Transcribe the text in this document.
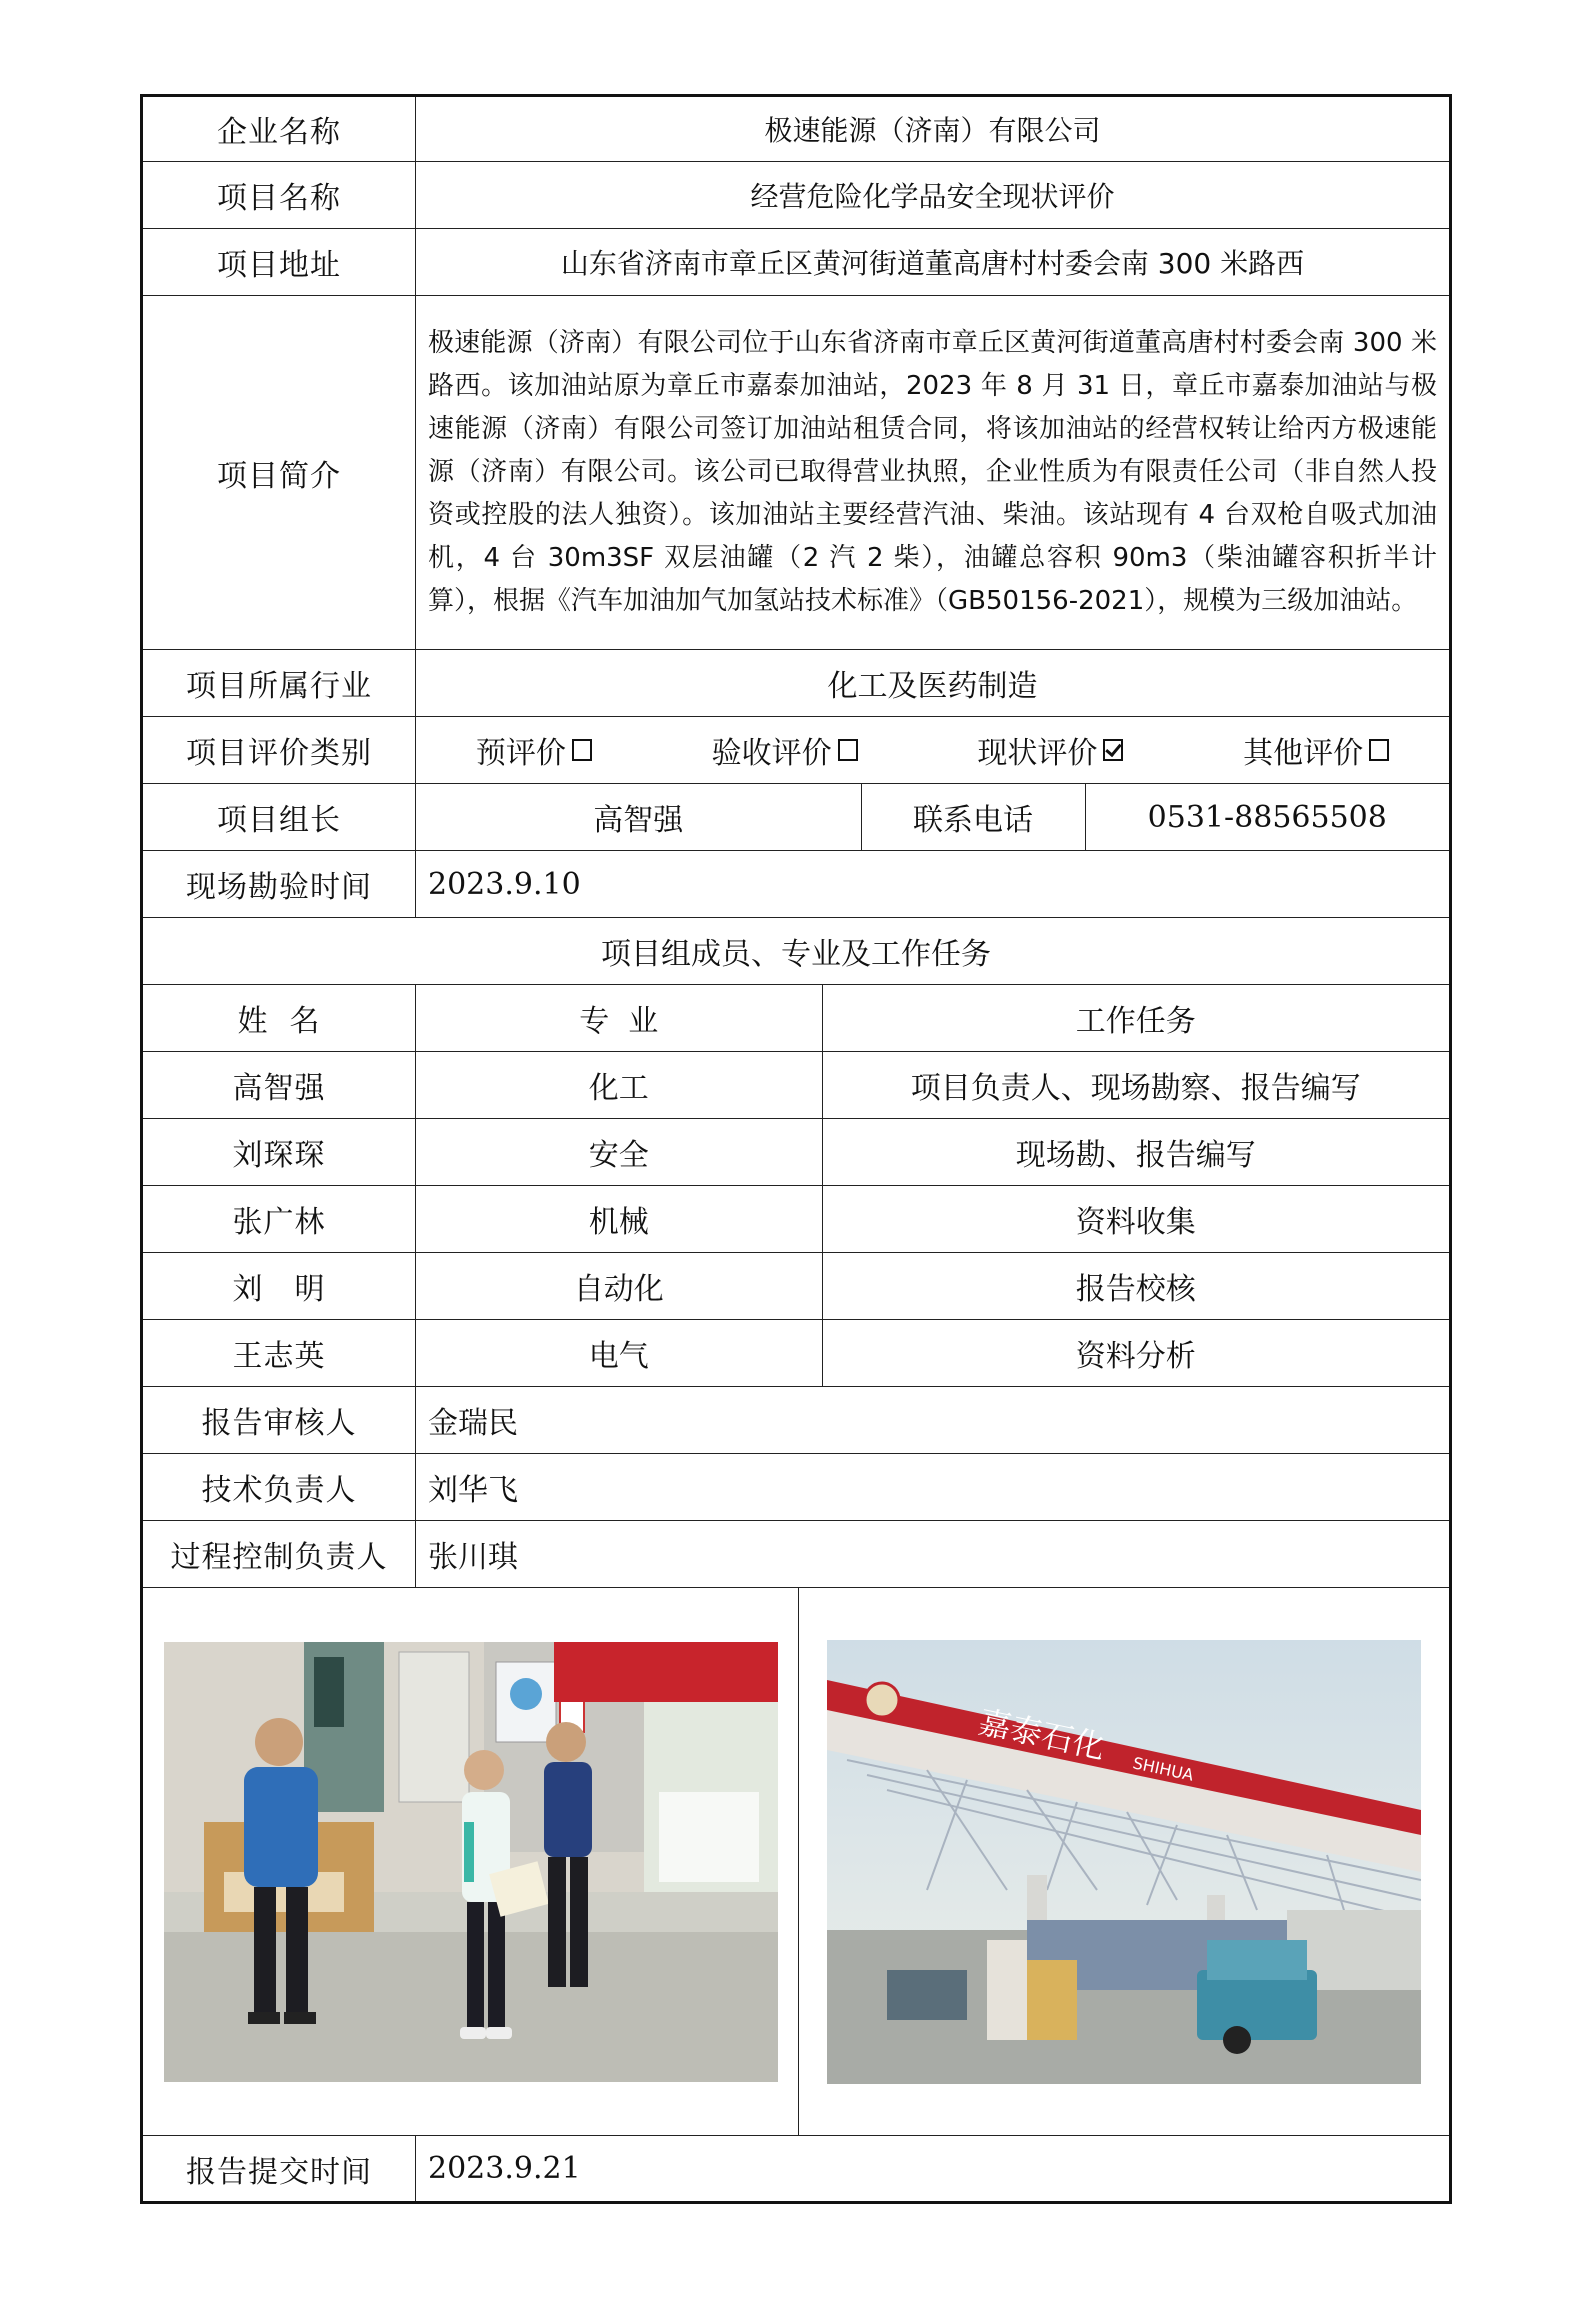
企业名称	极速能源（济南）有限公司
项目名称	经营危险化学品安全现状评价
项目地址	山东省济南市章丘区黄河街道董高唐村村委会南 300 米路西
项目简介	极速能源（济南）有限公司位于山东省济南市章丘区黄河街道董高唐村村委会南 300 米路西。该加油站原为章丘市嘉泰加油站，2023 年 8 月 31 日，章丘市嘉泰加油站与极速能源（济南）有限公司签订加油站租赁合同，将该加油站的经营权转让给丙方极速能源（济南）有限公司。该公司已取得营业执照，企业性质为有限责任公司（非自然人投资或控股的法人独资）。该加油站主要经营汽油、柴油。该站现有 4 台双枪自吸式加油机，4 台 30m3SF 双层油罐（2 汽 2 柴），油罐总容积 90m3（柴油罐容积折半计算），根据《汽车加油加气加氢站技术标准》（GB50156-2021），规模为三级加油站。
项目所属行业	化工及医药制造
项目评价类别	预评价	验收评价	现状评价	其他评价

项目组长		高智强	联系电话	0531-88565508

现场勘验时间	2023.9.10
项目组成员、专业及工作任务
姓  名		专  业	工作任务

高智强		化工	项目负责人、现场勘察、报告编写

刘琛琛		安全	现场勘、报告编写

张广林		机械	资料收集

刘　明		自动化	报告校核

王志英		电气	资料分析

报告审核人	金瑞民
技术负责人	刘华飞
过程控制负责人	张川琪

嘉泰石化
SHIHUA

报告提交时间	2023.9.21
